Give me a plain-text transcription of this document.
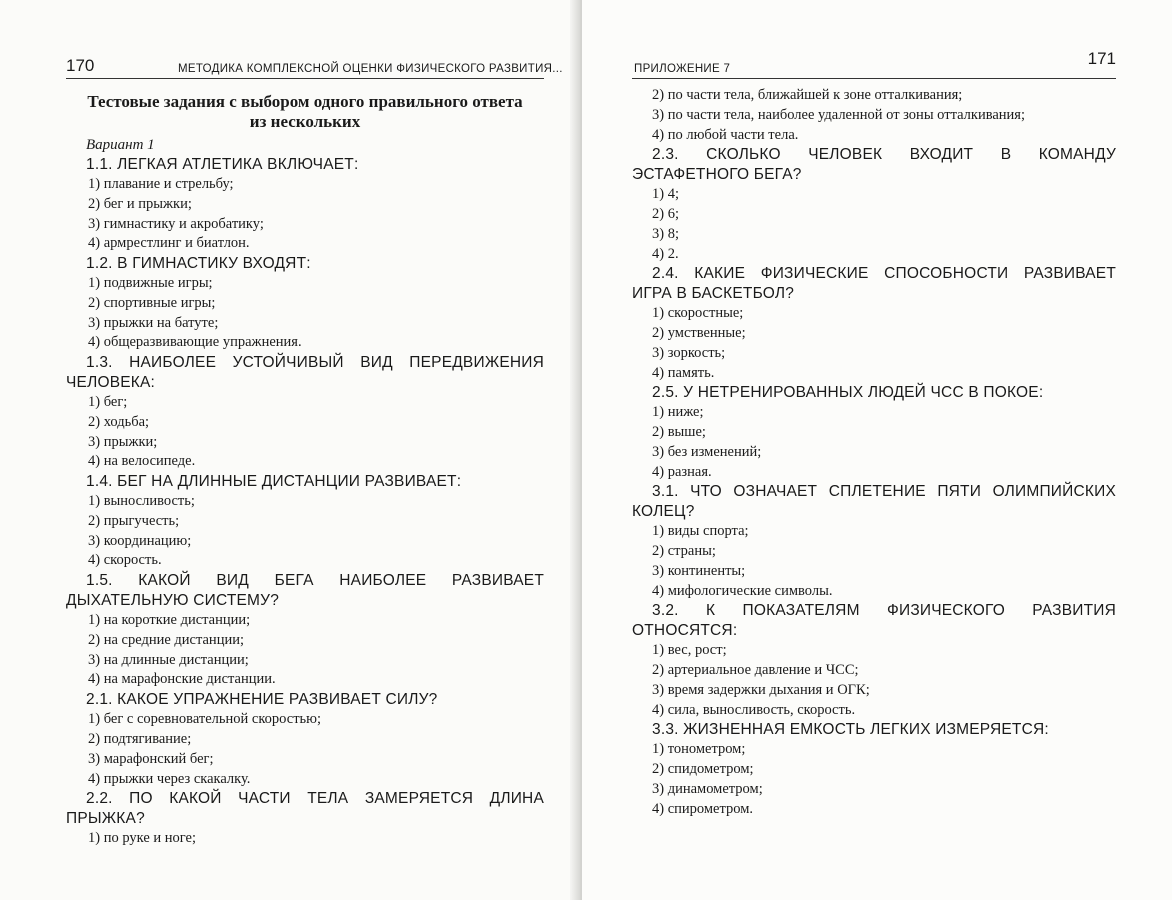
170	МЕТОДИКА КОМПЛЕКСНОЙ ОЦЕНКИ ФИЗИЧЕСКОГО РАЗВИТИЯ...
Тестовые задания с выбором одного правильного ответа
из нескольких
Вариант 1
1.1. ЛЕГКАЯ АТЛЕТИКА ВКЛЮЧАЕТ:
1) плавание и стрельбу;
2) бег и прыжки;
3) гимнастику и акробатику;
4) армрестлинг и биатлон.
1.2. В ГИМНАСТИКУ ВХОДЯТ:
1) подвижные игры;
2) спортивные игры;
3) прыжки на батуте;
4) общеразвивающие упражнения.
1.3. НАИБОЛЕЕ УСТОЙЧИВЫЙ ВИД ПЕРЕДВИЖЕНИЯ ЧЕЛОВЕКА:
1) бег;
2) ходьба;
3) прыжки;
4) на велосипеде.
1.4. БЕГ НА ДЛИННЫЕ ДИСТАНЦИИ РАЗВИВАЕТ:
1) выносливость;
2) прыгучесть;
3) координацию;
4) скорость.
1.5. КАКОЙ ВИД БЕГА НАИБОЛЕЕ РАЗВИВАЕТ ДЫХАТЕЛЬНУЮ СИСТЕМУ?
1) на короткие дистанции;
2) на средние дистанции;
3) на длинные дистанции;
4) на марафонские дистанции.
2.1. КАКОЕ УПРАЖНЕНИЕ РАЗВИВАЕТ СИЛУ?
1) бег с соревновательной скоростью;
2) подтягивание;
3) марафонский бег;
4) прыжки через скакалку.
2.2. ПО КАКОЙ ЧАСТИ ТЕЛА ЗАМЕРЯЕТСЯ ДЛИНА ПРЫЖКА?
1) по руке и ноге;
ПРИЛОЖЕНИЕ 7
171
2) по части тела, ближайшей к зоне отталкивания;
3) по части тела, наиболее удаленной от зоны отталкивания;
4) по любой части тела.
2.3. СКОЛЬКО ЧЕЛОВЕК ВХОДИТ В КОМАНДУ ЭСТАФЕТНОГО БЕГА?
1) 4;
2) 6;
3) 8;
4) 2.
2.4. КАКИЕ ФИЗИЧЕСКИЕ СПОСОБНОСТИ РАЗВИВАЕТ ИГРА В БАСКЕТБОЛ?
1) скоростные;
2) умственные;
3) зоркость;
4) память.
2.5. У НЕТРЕНИРОВАННЫХ ЛЮДЕЙ ЧСС В ПОКОЕ:
1) ниже;
2) выше;
3) без изменений;
4) разная.
3.1. ЧТО ОЗНАЧАЕТ СПЛЕТЕНИЕ ПЯТИ ОЛИМПИЙСКИХ КОЛЕЦ?
1) виды спорта;
2) страны;
3) континенты;
4) мифологические символы.
3.2. К ПОКАЗАТЕЛЯМ ФИЗИЧЕСКОГО РАЗВИТИЯ ОТНОСЯТСЯ:
1) вес, рост;
2) артериальное давление и ЧСС;
3) время задержки дыхания и ОГК;
4) сила, выносливость, скорость.
3.3. ЖИЗНЕННАЯ ЕМКОСТЬ ЛЕГКИХ ИЗМЕРЯЕТСЯ:
1) тонометром;
2) спидометром;
3) динамометром;
4) спирометром.
